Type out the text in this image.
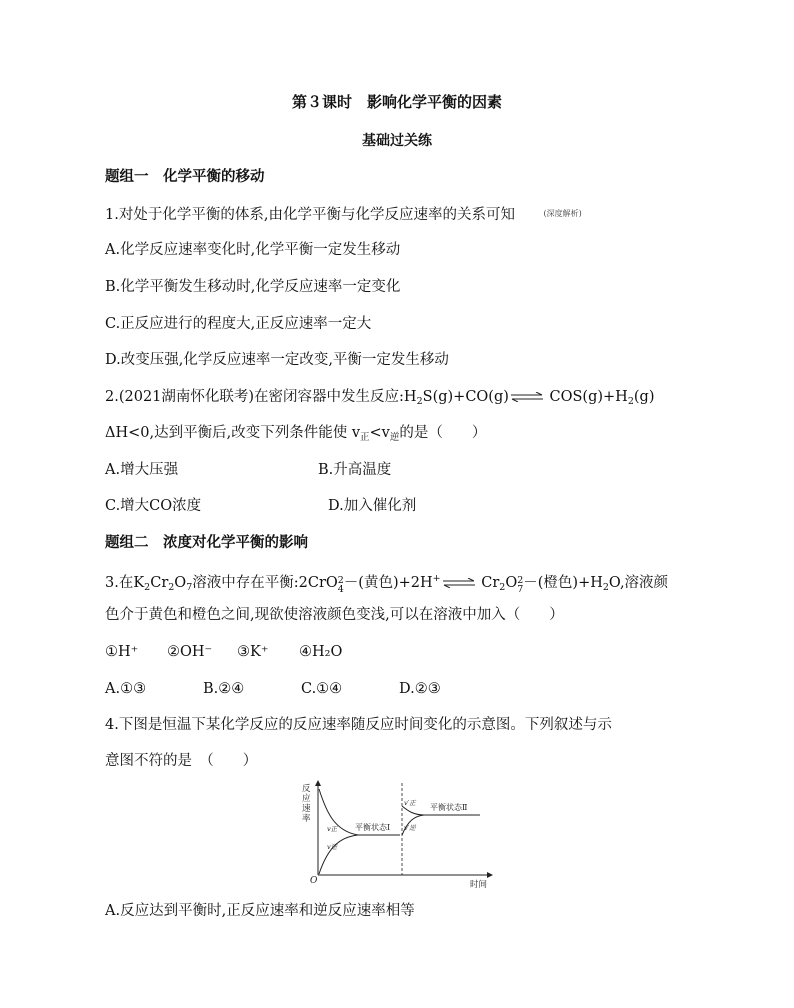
第３课时　影响化学平衡的因素
基础过关练
题组一　化学平衡的移动
1.对处于化学平衡的体系,由化学平衡与化学反应速率的关系可知　$^{(深度解析)}$
A.化学反应速率变化时,化学平衡一定发生移动
B.化学平衡发生移动时,化学反应速率一定变化
C.正反应进行的程度大,正反应速率一定大
D.改变压强,化学反应速率一定改变,平衡一定发生移动
2.(2021湖南怀化联考)在密闭容器中发生反应$:H_2S(g)+CO(g)\rightleftharpoons$ $COS(g)+H_2(g)$
ΔH<0,达到平衡后,改变下列条件能使 $v_正<v_逆$的是（　　）
A.增大压强	B.升高温度
C.增大CO浓度	D.加入催化剂
题组二　浓度对化学平衡的影响
3.在$K_2Cr_2O_7$溶液中存在平衡:2CrO 2
4 －(黄色)+2H+⇌ $Cr_2O$ 2
7 －(橙色)$+H_2O$,溶液颜
色介于黄色和橙色之间,现欲使溶液颜色变浅,可以在溶液中加入（　　）
①H⁺ ②OH⁻ ③K⁺ ④H₂O
A.①③	B.②④	C.①④	D.②③
4.下图是恒温下某化学反应的反应速率随反应时间变化的示意图。下列叙述与示
意图不符的是　（　　）
反应速率
时间
O
v正
v逆
v′正
v′逆
平衡状态Ⅰ
平衡状态Ⅱ
A.反应达到平衡时,正反应速率和逆反应速率相等
